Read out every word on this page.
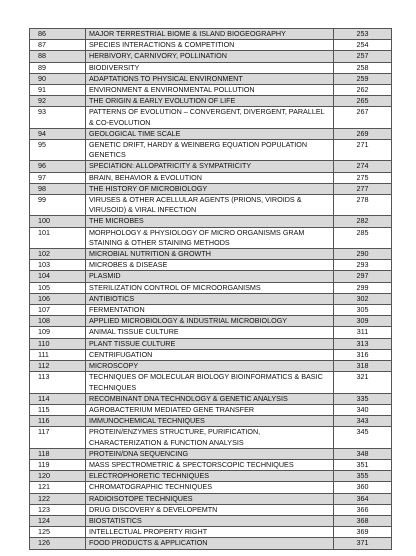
86	MAJOR TERRESTRIAL BIOME & ISLAND BIOGEOGRAPHY	253
87	SPECIES INTERACTIONS & COMPETITION	254
88	HERBIVORY, CARNIVORY, POLLINATION	257
89	BIODIVERSITY	258
90	ADAPTATIONS TO PHYSICAL ENVIRONMENT	259
91	ENVIRONMENT & ENVIRONMENTAL POLLUTION	262
92	THE ORIGIN & EARLY EVOLUTION OF LIFE	265
93	PATTERNS OF EVOLUTION – CONVERGENT, DIVERGENT, PARALLEL & CO-EVOLUTION	267
94	GEOLOGICAL TIME SCALE	269
95	GENETIC DRIFT, HARDY & WEINBERG EQUATION POPULATION GENETICS	271
96	SPECIATION: ALLOPATRICITY & SYMPATRICITY	274
97	BRAIN, BEHAVIOR & EVOLUTION	275
98	THE HISTORY OF MICROBIOLOGY	277
99	VIRUSES & OTHER ACELLULAR AGENTS (PRIONS, VIROIDS & VIRUSOID) & VIRAL INFECTION	278
100	THE MICROBES	282
101	MORPHOLOGY & PHYSIOLOGY OF MICRO ORGANISMS GRAM STAINING & OTHER STAINING METHODS	285
102	MICROBIAL NUTRITION & GROWTH	290
103	MICROBES & DISEASE	293
104	PLASMID	297
105	STERILIZATION CONTROL OF MICROORGANISMS	299
106	ANTIBIOTICS	302
107	FERMENTATION	305
108	APPLIED MICROBIOLOGY & INDUSTRIAL MICROBIOLOGY	309
109	ANIMAL TISSUE CULTURE	311
110	PLANT TISSUE CULTURE	313
111	CENTRIFUGATION	316
112	MICROSCOPY	318
113	TECHNIQUES OF MOLECULAR BIOLOGY BIOINFORMATICS & BASIC TECHNIQUES	321
114	RECOMBINANT DNA TECHNOLOGY & GENETIC ANALYSIS	335
115	AGROBACTERIUM MEDIATED GENE TRANSFER	340
116	IMMUNOCHEMICAL TECHNIQUES	343
117	PROTEIN/ENZYMES STRUCTURE, PURIFICATION, CHARACTERIZATION & FUNCTION ANALYSIS	345
118	PROTEIN/DNA SEQUENCING	348
119	MASS SPECTROMETRIC & SPECTORSCOPIC TECHNIQUES	351
120	ELECTROPHORETIC TECHNIQUES	355
121	CHROMATOGRAPHIC TECHNIQUES	360
122	RADIOISOTOPE TECHNIQUES	364
123	DRUG DISCOVERY & DEVELOPEMTN	366
124	BIOSTATISTICS	368
125	INTELLECTUAL PROPERTY RIGHT	369
126	FOOD PRODUCTS & APPLICATION	371
